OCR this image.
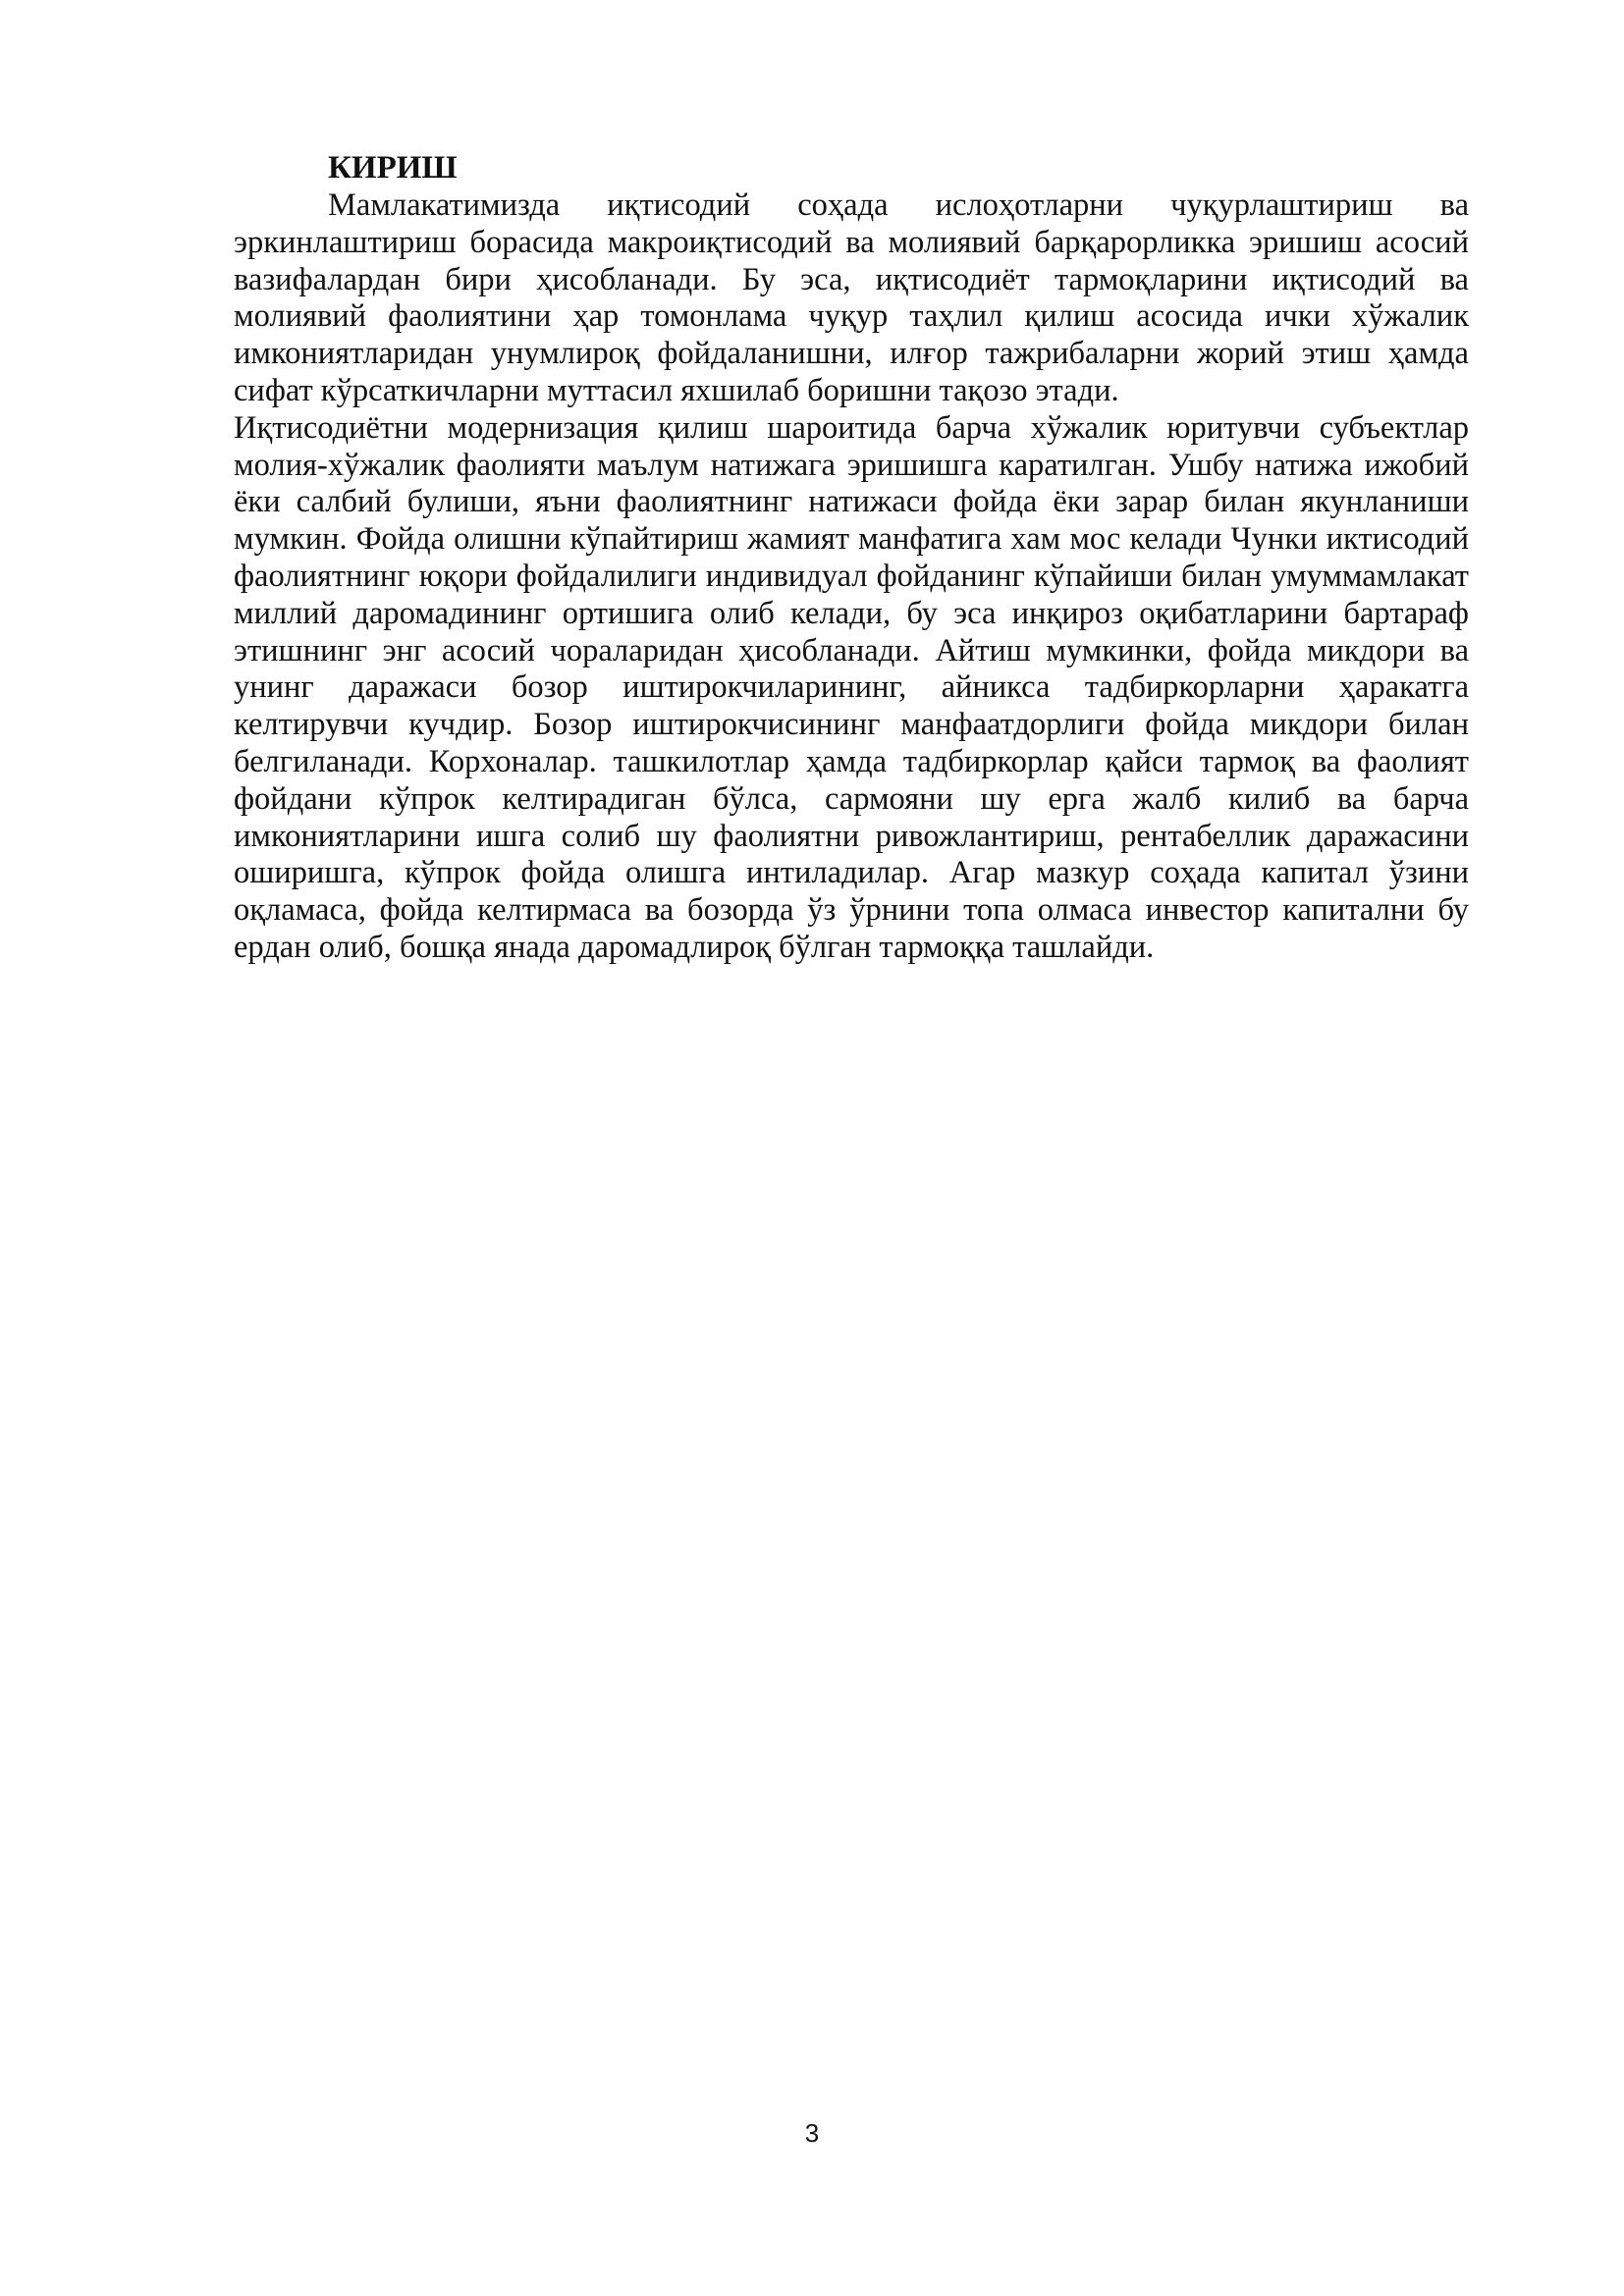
КИРИШ

Мамлакатимизда иқтисодий соҳада ислоҳотларни чуқурлаштириш ва эркинлаштириш борасида макроиқтисодий ва молиявий барқарорликка эришиш асосий вазифалардан бири ҳисобланади. Бу эса, иқтисодиёт тармоқларини иқтисодий ва молиявий фаолиятини ҳар томонлама чуқур таҳлил қилиш асосида ички хўжалик имкониятларидан унумлироқ фойдаланишни, илғор тажрибаларни жорий этиш ҳамда сифат кўрсаткичларни муттасил яхшилаб боришни тақозо этади.

Иқтисодиётни модернизация қилиш шароитида барча хўжалик юритувчи субъектлар молия-хўжалик фаолияти маълум натижага эришишга каратилган. Ушбу натижа ижобий ёки салбий булиши, яъни фаолиятнинг натижаси фойда ёки зарар билан якунланиши мумкин. Фойда олишни кўпайтириш жамият манфатига хам мос келади Чунки иктисодий фаолиятнинг юқори фойдалилиги индивидуал фойданинг кўпайиши билан умуммамлакат миллий даромадининг ортишига олиб келади, бу эса инқироз оқибатларини бартараф этишнинг энг асосий чораларидан ҳисобланади. Айтиш мумкинки, фойда микдори ва унинг даражаси бозор иштирокчиларининг, айникса тадбиркорларни ҳаракатга келтирувчи кучдир. Бозор иштирокчисининг манфаатдорлиги фойда микдори билан белгиланади. Корхоналар. ташкилотлар ҳамда тадбиркорлар қайси тармоқ ва фаолият фойдани кўпрок келтирадиган бўлса, сармояни шу ерга жалб килиб ва барча имкониятларини ишга солиб шу фаолиятни ривожлантириш, рентабеллик даражасини оширишга, кўпрок фойда олишга интиладилар. Агар мазкур соҳада капитал ўзини оқламаса, фойда келтирмаса ва бозорда ўз ўрнини топа олмаса инвестор капитални бу ердан олиб, бошқа янада даромадлироқ бўлган тармоққа ташлайди.

3
